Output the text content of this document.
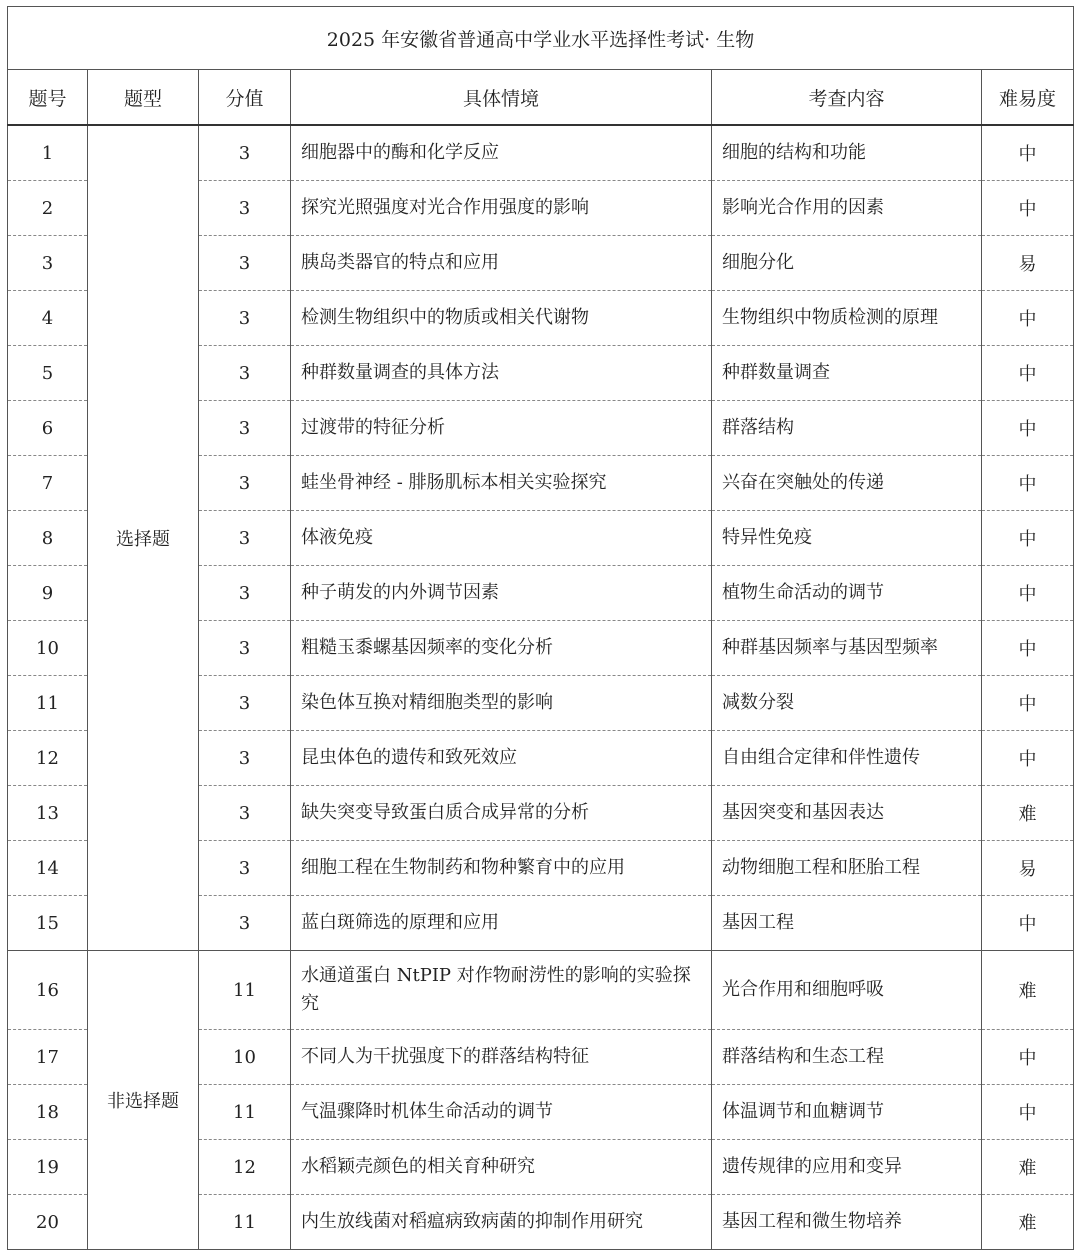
2025 年安徽省普通高中学业水平选择性考试· 生物					
题号	题型	分值	具体情境	考查内容	难易度
1	选择题	3	细胞器中的酶和化学反应	细胞的结构和功能	中
2		3	探究光照强度对光合作用强度的影响	影响光合作用的因素	中
3		3	胰岛类器官的特点和应用	细胞分化	易
4		3	检测生物组织中的物质或相关代谢物	生物组织中物质检测的原理	中
5		3	种群数量调查的具体方法	种群数量调查	中
6		3	过渡带的特征分析	群落结构	中
7		3	蛙坐骨神经 - 腓肠肌标本相关实验探究	兴奋在突触处的传递	中
8		3	体液免疫	特异性免疫	中
9		3	种子萌发的内外调节因素	植物生命活动的调节	中
10		3	粗糙玉黍螺基因频率的变化分析	种群基因频率与基因型频率	中
11		3	染色体互换对精细胞类型的影响	减数分裂	中
12		3	昆虫体色的遗传和致死效应	自由组合定律和伴性遗传	中
13		3	缺失突变导致蛋白质合成异常的分析	基因突变和基因表达	难
14		3	细胞工程在生物制药和物种繁育中的应用	动物细胞工程和胚胎工程	易
15		3	蓝白斑筛选的原理和应用	基因工程	中
16	非选择题	11	水通道蛋白 NtPIP 对作物耐涝性的影响的实验探究	光合作用和细胞呼吸	难
17		10	不同人为干扰强度下的群落结构特征	群落结构和生态工程	中
18		11	气温骤降时机体生命活动的调节	体温调节和血糖调节	中
19		12	水稻颖壳颜色的相关育种研究	遗传规律的应用和变异	难
20		11	内生放线菌对稻瘟病致病菌的抑制作用研究	基因工程和微生物培养	难
